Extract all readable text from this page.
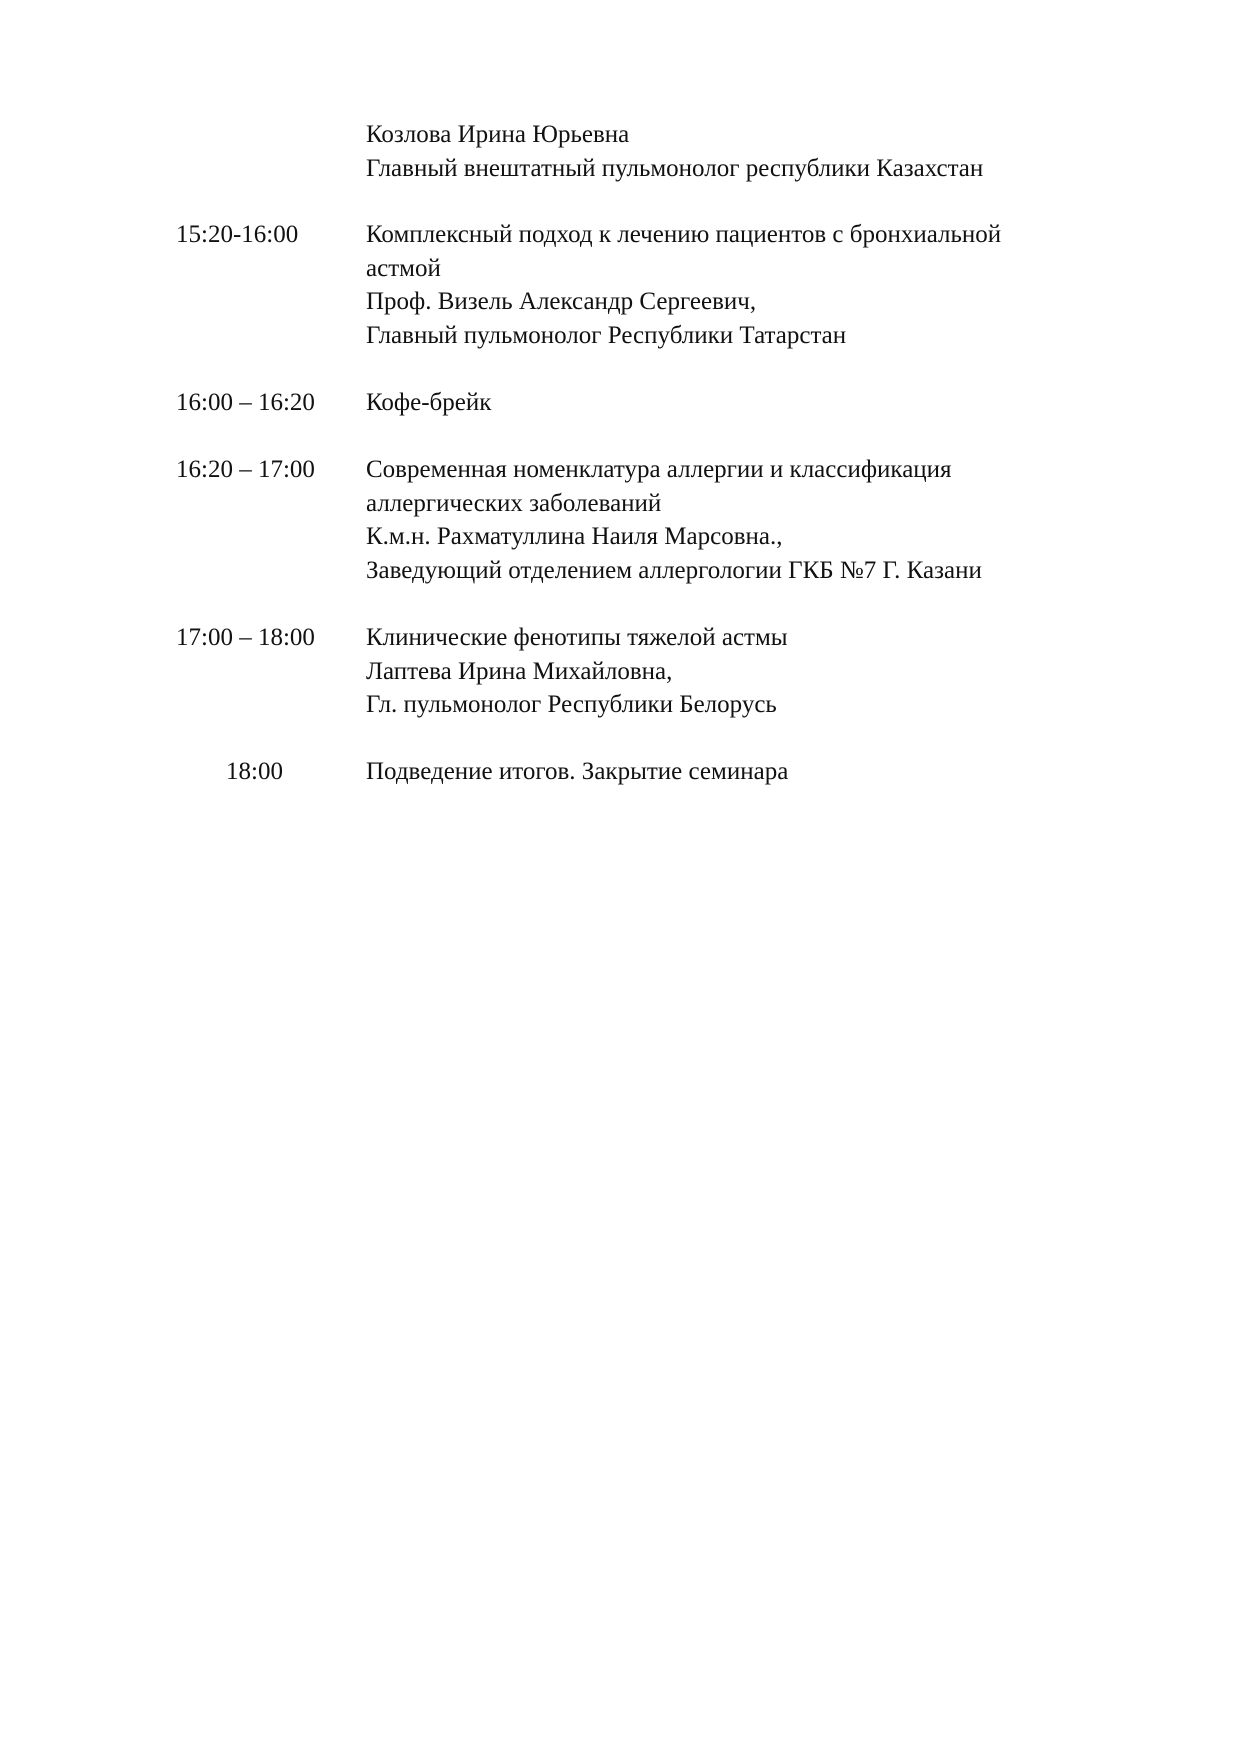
Козлова Ирина Юрьевна
Главный внештатный пульмонолог республики Казахстан
15:20-16:00	Комплексный подход к лечению пациентов с бронхиальной
астмой
Проф. Визель Александр Сергеевич,
Главный пульмонолог Республики Татарстан
16:00 – 16:20 Кофе-брейк
16:20 – 17:00 Современная номенклатура аллергии и классификация
аллергических заболеваний
К.м.н. Рахматуллина Наиля Марсовна.,
Заведующий отделением аллергологии ГКБ №7 Г. Казани
17:00 – 18:00 Клинические фенотипы тяжелой астмы
Лаптева Ирина Михайловна,
Гл. пульмонолог Республики Белорусь
18:00	Подведение итогов. Закрытие семинара
